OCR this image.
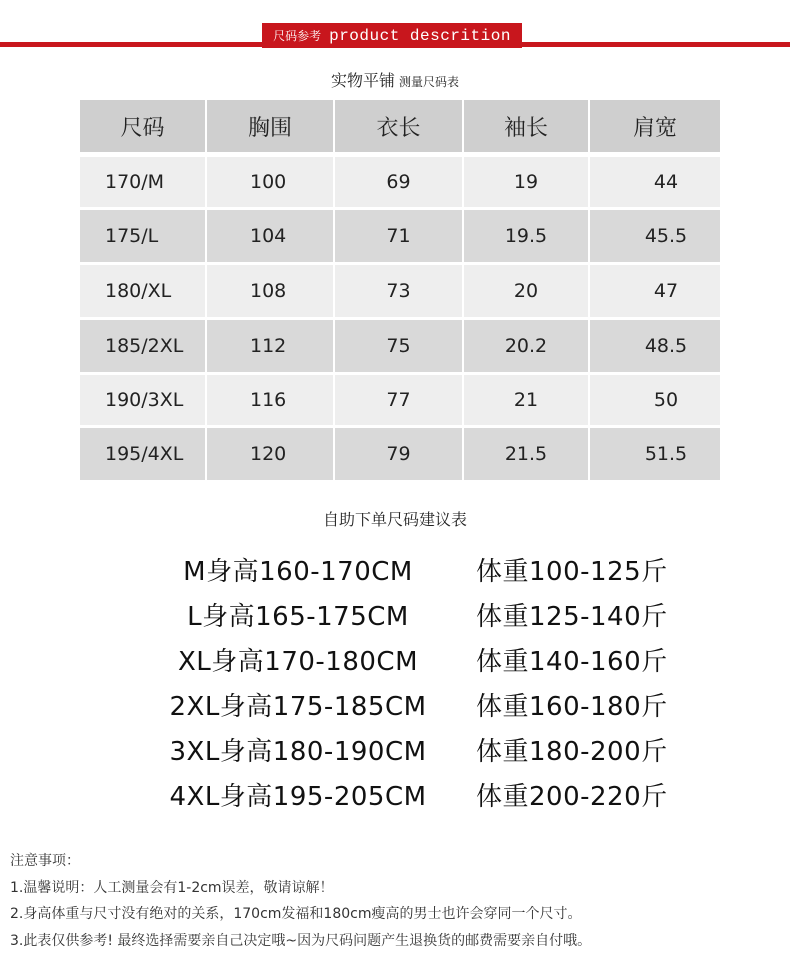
尺码参考 product descrition
实物平铺 测量尺码表
尺码	胸围	衣长	袖长	肩宽
170/M	100	69	19	44
175/L	104	71	19.5	45.5
180/XL	108	73	20	47
185/2XL	112	75	20.2	48.5
190/3XL	116	77	21	50
195/4XL	120	79	21.5	51.5
自助下单尺码建议表
M身高160-170CM	体重100-125斤
L身高165-175CM	体重125-140斤
XL身高170-180CM	体重140-160斤
2XL身高175-185CM	体重160-180斤
3XL身高180-190CM	体重180-200斤
4XL身高195-205CM	体重200-220斤
注意事项：
1.温馨说明：人工测量会有1-2cm误差，敬请谅解！
2.身高体重与尺寸没有绝对的关系，170cm发福和180cm瘦高的男士也许会穿同一个尺寸。
3.此表仅供参考! 最终选择需要亲自己决定哦~因为尺码问题产生退换货的邮费需要亲自付哦。
